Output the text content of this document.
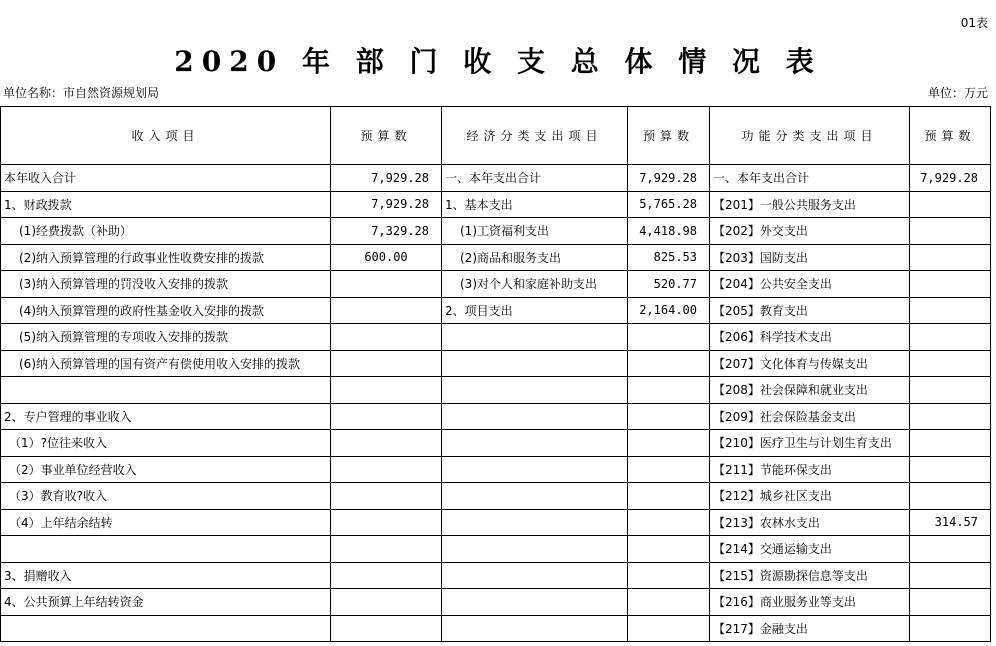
01表
2020 年 部 门 收 支 总 体 情 况 表
单位名称：市自然资源规划局	单位：万元
收入项目	预算数	经济分类支出项目	预算数	功能分类支出项目	预算数
本年收入合计	7,929.28	一、本年支出合计	7,929.28	一、本年支出合计	7,929.28
1、财政拨款	7,929.28	1、基本支出	5,765.28	【201】一般公共服务支出	
(1)经费拨款（补助）	7,329.28	(1)工资福利支出	4,418.98	【202】外交支出	
(2)纳入预算管理的行政事业性收费安排的拨款	600.00	(2)商品和服务支出	825.53	【203】国防支出	
(3)纳入预算管理的罚没收入安排的拨款		(3)对个人和家庭补助支出	520.77	【204】公共安全支出	
(4)纳入预算管理的政府性基金收入安排的拨款		2、项目支出	2,164.00	【205】教育支出	
(5)纳入预算管理的专项收入安排的拨款				【206】科学技术支出	
(6)纳入预算管理的国有资产有偿使用收入安排的拨款				【207】文化体育与传媒支出	
				【208】社会保障和就业支出	
2、专户管理的事业收入				【209】社会保险基金支出	
（1）?位往来收入				【210】医疗卫生与计划生育支出	
（2）事业单位经营收入				【211】节能环保支出	
（3）教育收?收入				【212】城乡社区支出	
（4）上年结余结转				【213】农林水支出	314.57
				【214】交通运输支出	
3、捐赠收入				【215】资源勘探信息等支出	
4、公共预算上年结转资金				【216】商业服务业等支出	
				【217】金融支出	
